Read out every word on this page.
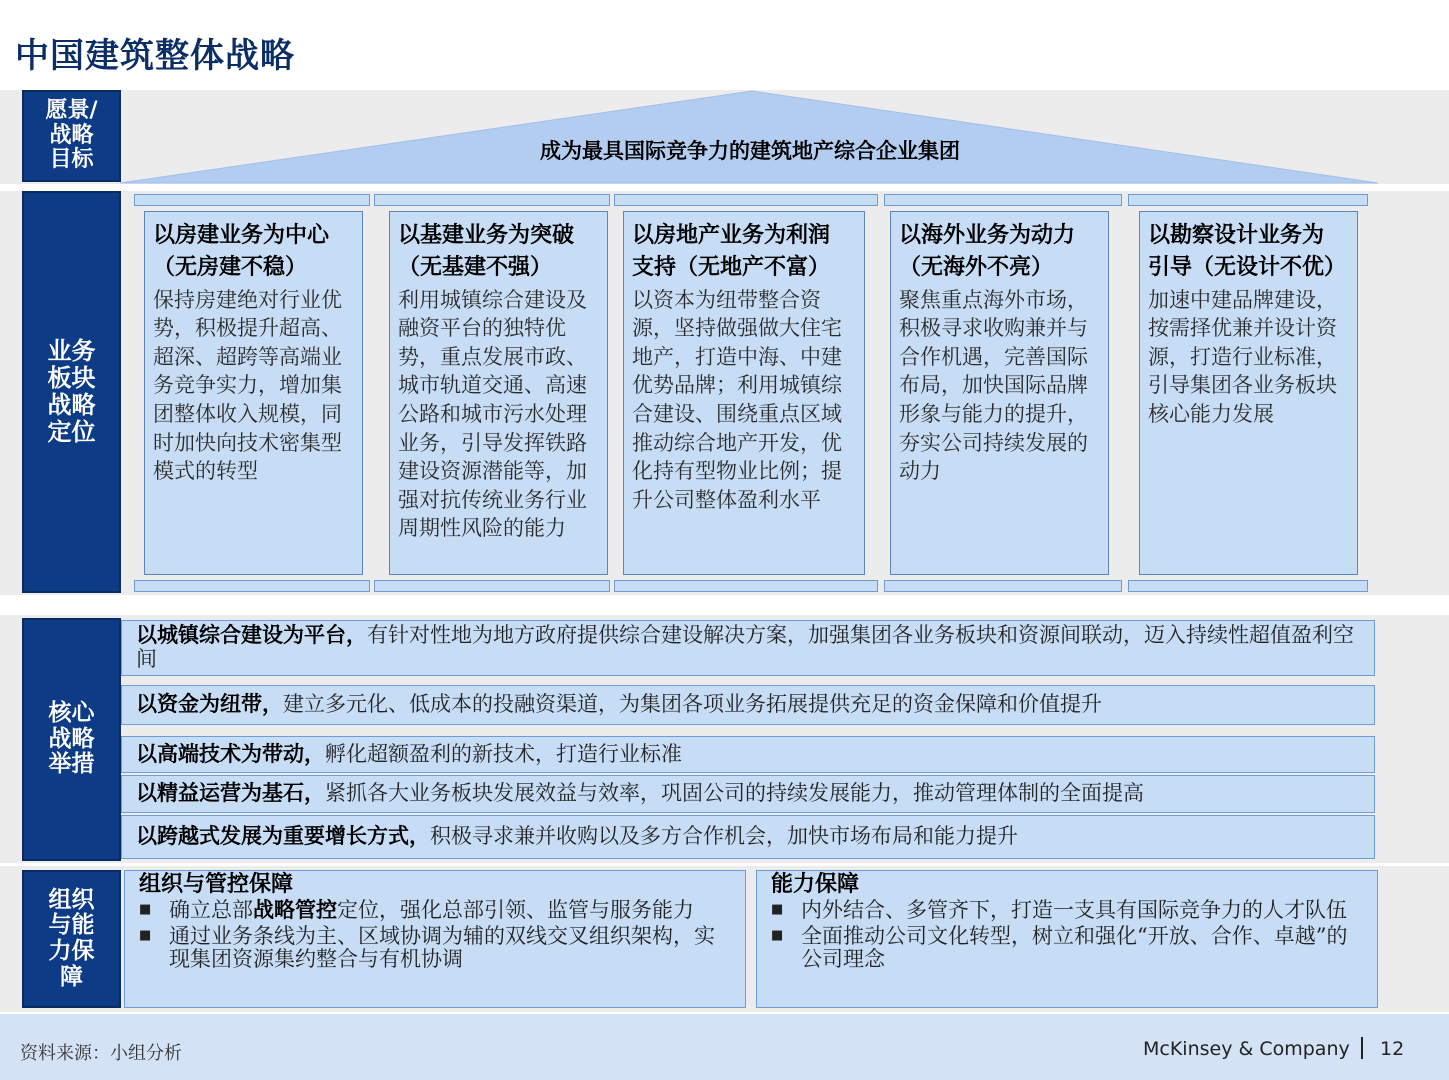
中国建筑整体战略
成为最具国际竞争力的建筑地产综合企业集团
愿景/
战略
目标
业务
板块
战略
定位
以房建业务为中心
（无房建不稳）
保持房建绝对行业优势，积极提升超高、超深、超跨等高端业务竞争实力，增加集团整体收入规模，同时加快向技术密集型模式的转型
以基建业务为突破
（无基建不强）
利用城镇综合建设及融资平台的独特优势，重点发展市政、城市轨道交通、高速公路和城市污水处理业务，引导发挥铁路建设资源潜能等，加强对抗传统业务行业周期性风险的能力
以房地产业务为利润
支持（无地产不富）
以资本为纽带整合资源，坚持做强做大住宅地产，打造中海、中建优势品牌；利用城镇综合建设、围绕重点区域推动综合地产开发，优化持有型物业比例；提升公司整体盈利水平
以海外业务为动力
（无海外不亮）
聚焦重点海外市场，积极寻求收购兼并与合作机遇，完善国际布局，加快国际品牌形象与能力的提升，夯实公司持续发展的动力
以勘察设计业务为
引导（无设计不优）
加速中建品牌建设，按需择优兼并设计资源，打造行业标准，引导集团各业务板块核心能力发展
核心
战略
举措
以城镇综合建设为平台，有针对性地为地方政府提供综合建设解决方案，加强集团各业务板块和资源间联动，迈入持续性超值盈利空间
以资金为纽带，建立多元化、低成本的投融资渠道，为集团各项业务拓展提供充足的资金保障和价值提升
以高端技术为带动，孵化超额盈利的新技术，打造行业标准
以精益运营为基石，紧抓各大业务板块发展效益与效率，巩固公司的持续发展能力，推动管理体制的全面提高
以跨越式发展为重要增长方式，积极寻求兼并收购以及多方合作机会，加快市场布局和能力提升
组织
与能
力保
障
组织与管控保障
■ 确立总部战略管控定位，强化总部引领、监管与服务能力
■ 通过业务条线为主、区域协调为辅的双线交叉组织架构，实现集团资源集约整合与有机协调
能力保障
■ 内外结合、多管齐下，打造一支具有国际竞争力的人才队伍
■ 全面推动公司文化转型，树立和强化“开放、合作、卓越”的公司理念
资料来源：小组分析	McKinsey & Company 12
